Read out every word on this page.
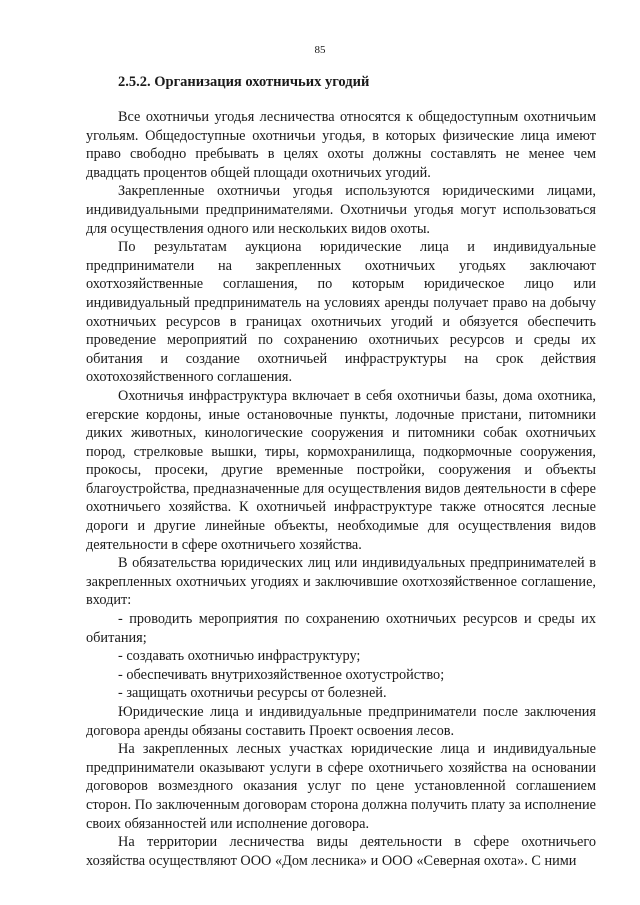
85
2.5.2. Организация охотничьих угодий

Все охотничьи угодья лесничества относятся к общедоступным охотничьим угольям. Общедоступные охотничьи угодья, в которых физические лица имеют право свободно пребывать в целях охоты должны составлять не менее чем двадцать процентов общей площади охотничьих угодий.

Закрепленные охотничьи угодья используются юридическими лицами, индивидуальными предпринимателями. Охотничьи угодья могут использоваться для осуществления одного или нескольких видов охоты.

По результатам аукциона юридические лица и индивидуальные предприниматели на закрепленных охотничьих угодьях заключают охотхозяйственные соглашения, по которым юридическое лицо или индивидуальный предприниматель на условиях аренды получает право на добычу охотничьих ресурсов в границах охотничьих угодий и обязуется обеспечить проведение мероприятий по сохранению охотничьих ресурсов и среды их обитания и создание охотничьей инфраструктуры на срок действия охотохозяйственного соглашения.

Охотничья инфраструктура включает в себя охотничьи базы, дома охотника, егерские кордоны, иные остановочные пункты, лодочные пристани, питомники диких животных, кинологические сооружения и питомники собак охотничьих пород, стрелковые вышки, тиры, кормохранилища, подкормочные сооружения, прокосы, просеки, другие временные постройки, сооружения и объекты благоустройства, предназначенные для осуществления видов деятельности в сфере охотничьего хозяйства. К охотничьей инфраструктуре также относятся лесные дороги и другие линейные объекты, необходимые для осуществления видов деятельности в сфере охотничьего хозяйства.

В обязательства юридических лиц или индивидуальных предпринимателей в закрепленных охотничьих угодиях и заключившие охотхозяйственное соглашение, входит:

- проводить мероприятия по сохранению охотничьих ресурсов и среды их обитания;
- создавать охотничью инфраструктуру;
- обеспечивать внутрихозяйственное охотустройство;
- защищать охотничьи ресурсы от болезней.

Юридические лица и индивидуальные предприниматели после заключения договора аренды обязаны составить Проект освоения лесов.

На закрепленных лесных участках юридические лица и индивидуальные предприниматели оказывают услуги в сфере охотничьего хозяйства на основании договоров возмездного оказания услуг по цене установленной соглашением сторон. По заключенным договорам сторона должна получить плату за исполнение своих обязанностей или исполнение договора.

На территории лесничества виды деятельности в сфере охотничьего хозяйства осуществляют ООО «Дом лесника» и ООО «Северная охота». С ними
